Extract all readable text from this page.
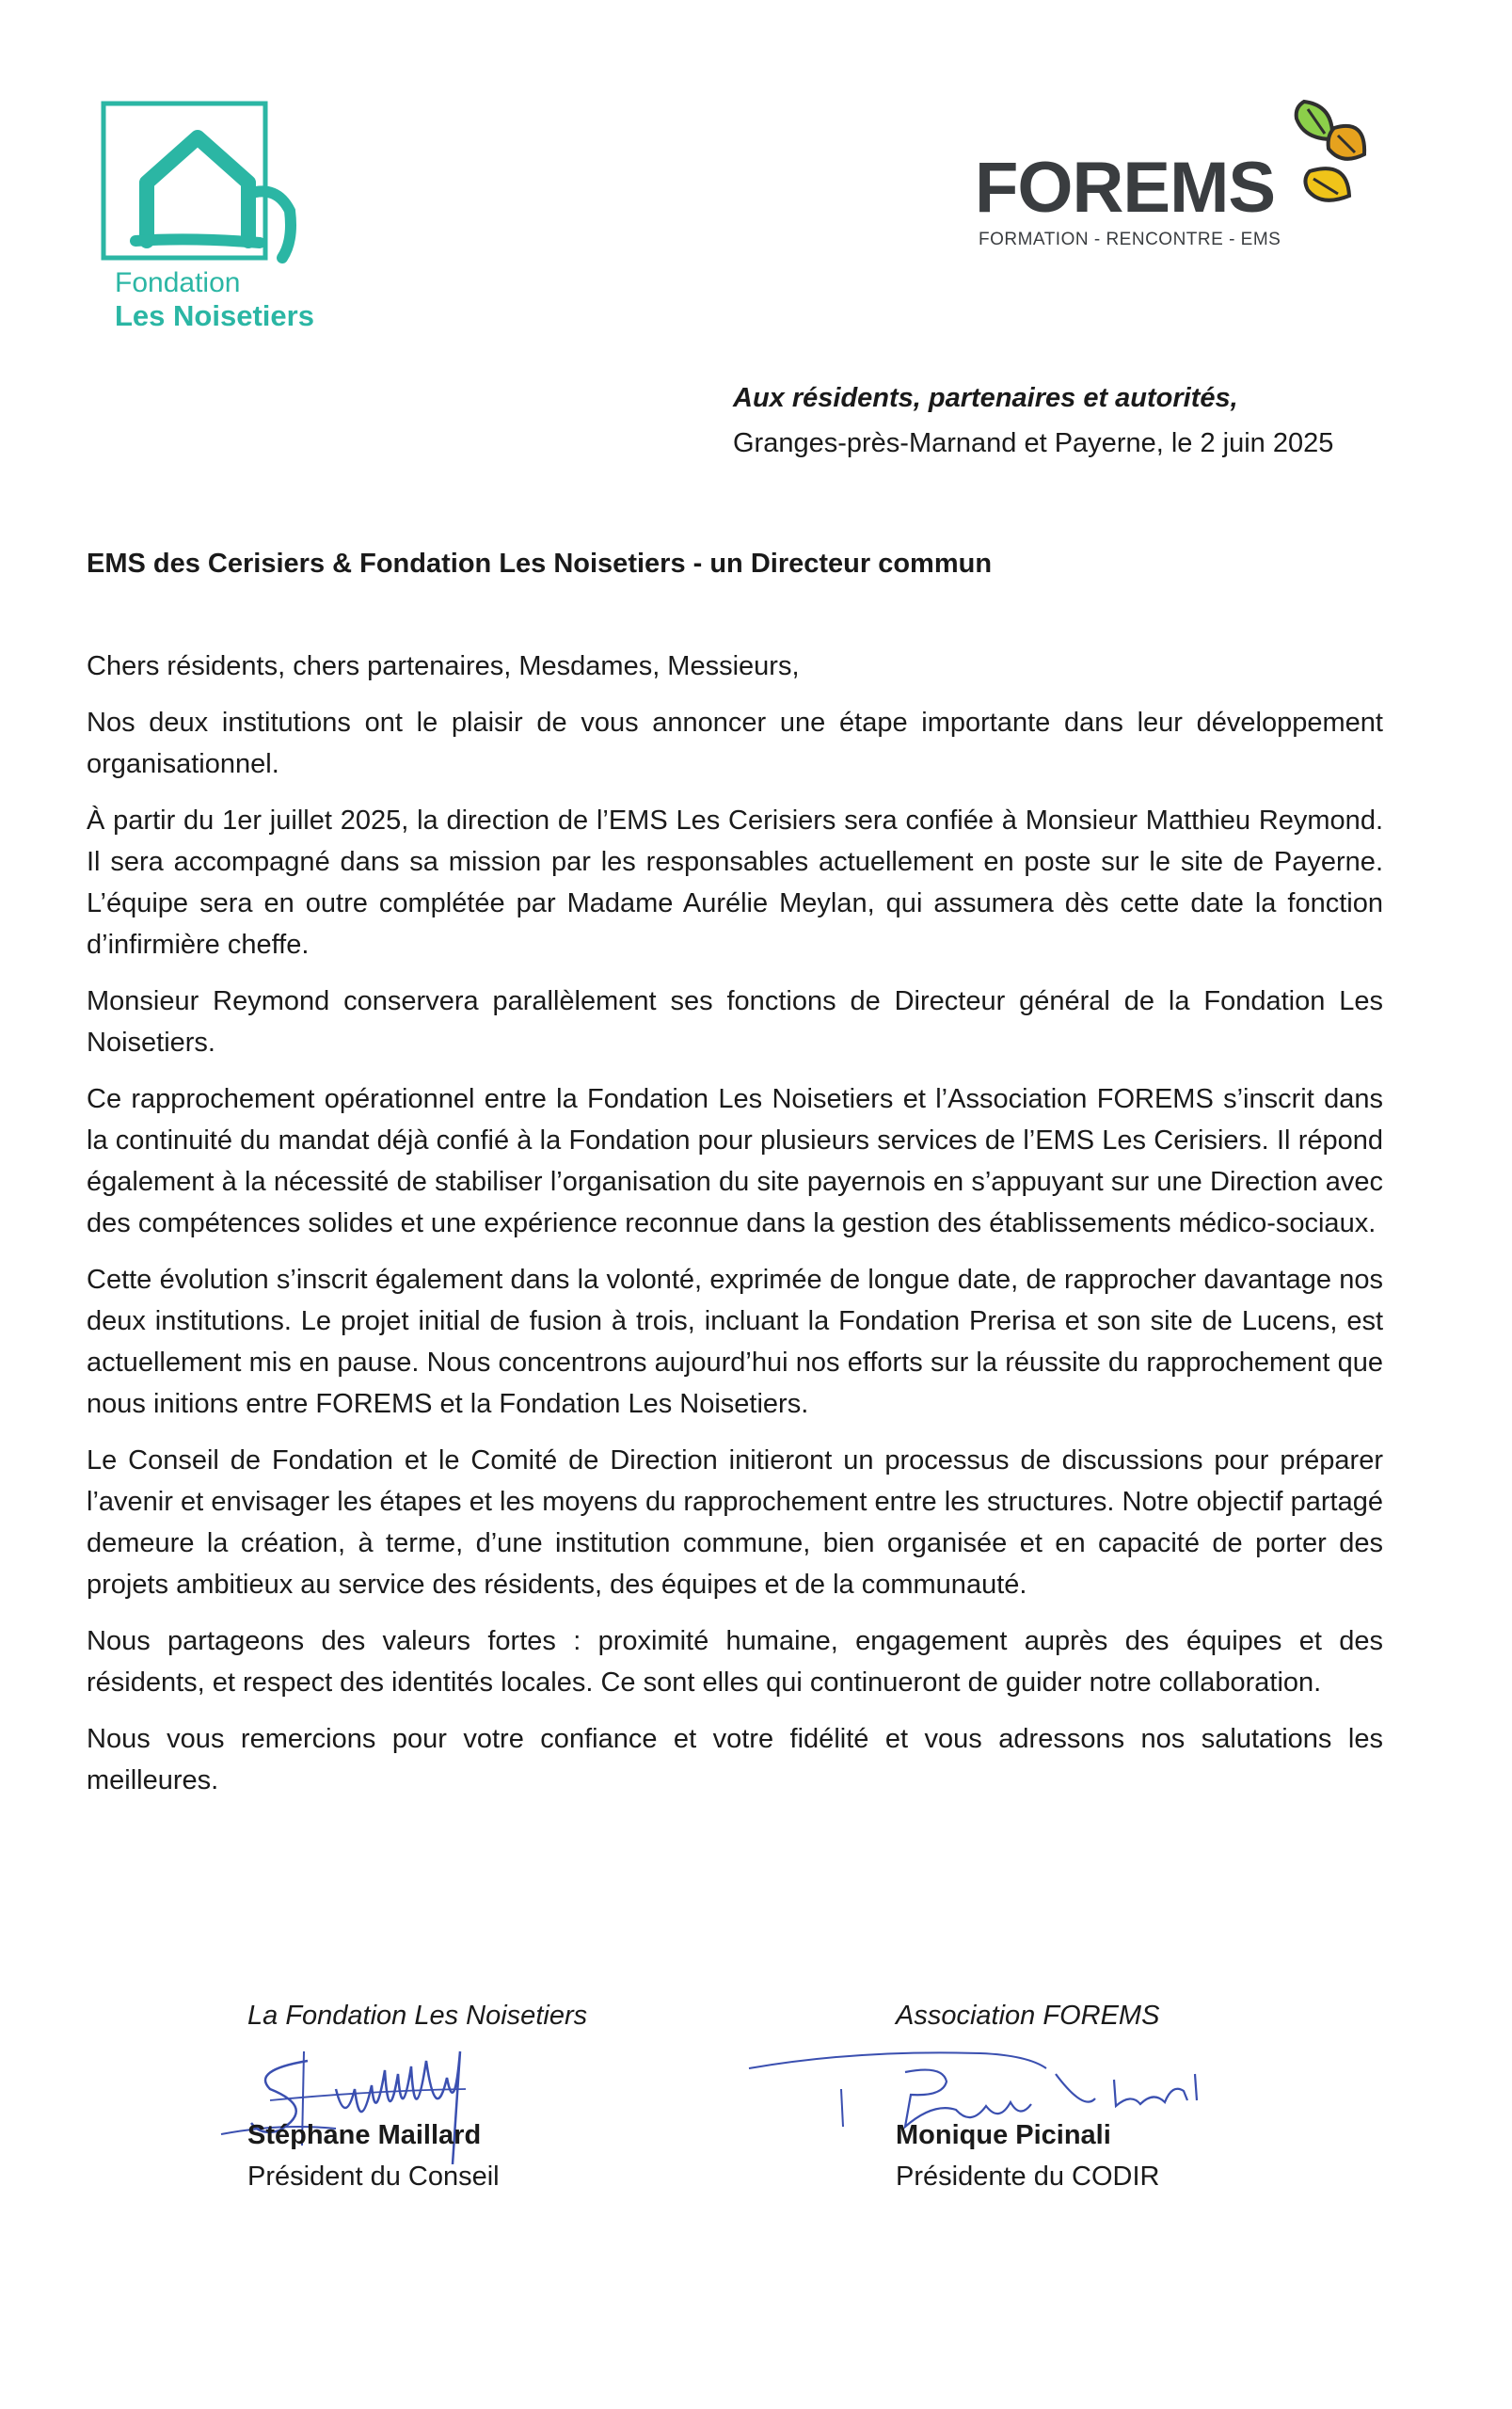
Fondation
Les Noisetiers
FOREMS
FORMATION - RENCONTRE - EMS
Aux résidents, partenaires et autorités,
Granges-près-Marnand et Payerne, le 2 juin 2025
EMS des Cerisiers & Fondation Les Noisetiers - un Directeur commun

Chers résidents, chers partenaires, Mesdames, Messieurs,

Nos deux institutions ont le plaisir de vous annoncer une étape importante dans leur développement organisationnel.

À partir du 1er juillet 2025, la direction de l’EMS Les Cerisiers sera confiée à Monsieur Matthieu Reymond. Il sera accompagné dans sa mission par les responsables actuellement en poste sur le site de Payerne. L’équipe sera en outre complétée par Madame Aurélie Meylan, qui assumera dès cette date la fonction d’infirmière cheffe.

Monsieur Reymond conservera parallèlement ses fonctions de Directeur général de la Fondation Les Noisetiers.

Ce rapprochement opérationnel entre la Fondation Les Noisetiers et l’Association FOREMS s’inscrit dans la continuité du mandat déjà confié à la Fondation pour plusieurs services de l’EMS Les Cerisiers. Il répond également à la nécessité de stabiliser l’organisation du site payernois en s’appuyant sur une Direction avec des compétences solides et une expérience reconnue dans la gestion des établissements médico-sociaux.

Cette évolution s’inscrit également dans la volonté, exprimée de longue date, de rapprocher davantage nos deux institutions. Le projet initial de fusion à trois, incluant la Fondation Prerisa et son site de Lucens, est actuellement mis en pause. Nous concentrons aujourd’hui nos efforts sur la réussite du rapprochement que nous initions entre FOREMS et la Fondation Les Noisetiers.

Le Conseil de Fondation et le Comité de Direction initieront un processus de discussions pour préparer l’avenir et envisager les étapes et les moyens du rapprochement entre les structures. Notre objectif partagé demeure la création, à terme, d’une institution commune, bien organisée et en capacité de porter des projets ambitieux au service des résidents, des équipes et de la communauté.

Nous partageons des valeurs fortes : proximité humaine, engagement auprès des équipes et des résidents, et respect des identités locales. Ce sont elles qui continueront de guider notre collaboration.

Nous vous remercions pour votre confiance et votre fidélité et vous adressons nos salutations les meilleures.

La Fondation Les Noisetiers
Stéphane Maillard
Président du Conseil
Association FOREMS
Monique Picinali
Présidente du CODIR
